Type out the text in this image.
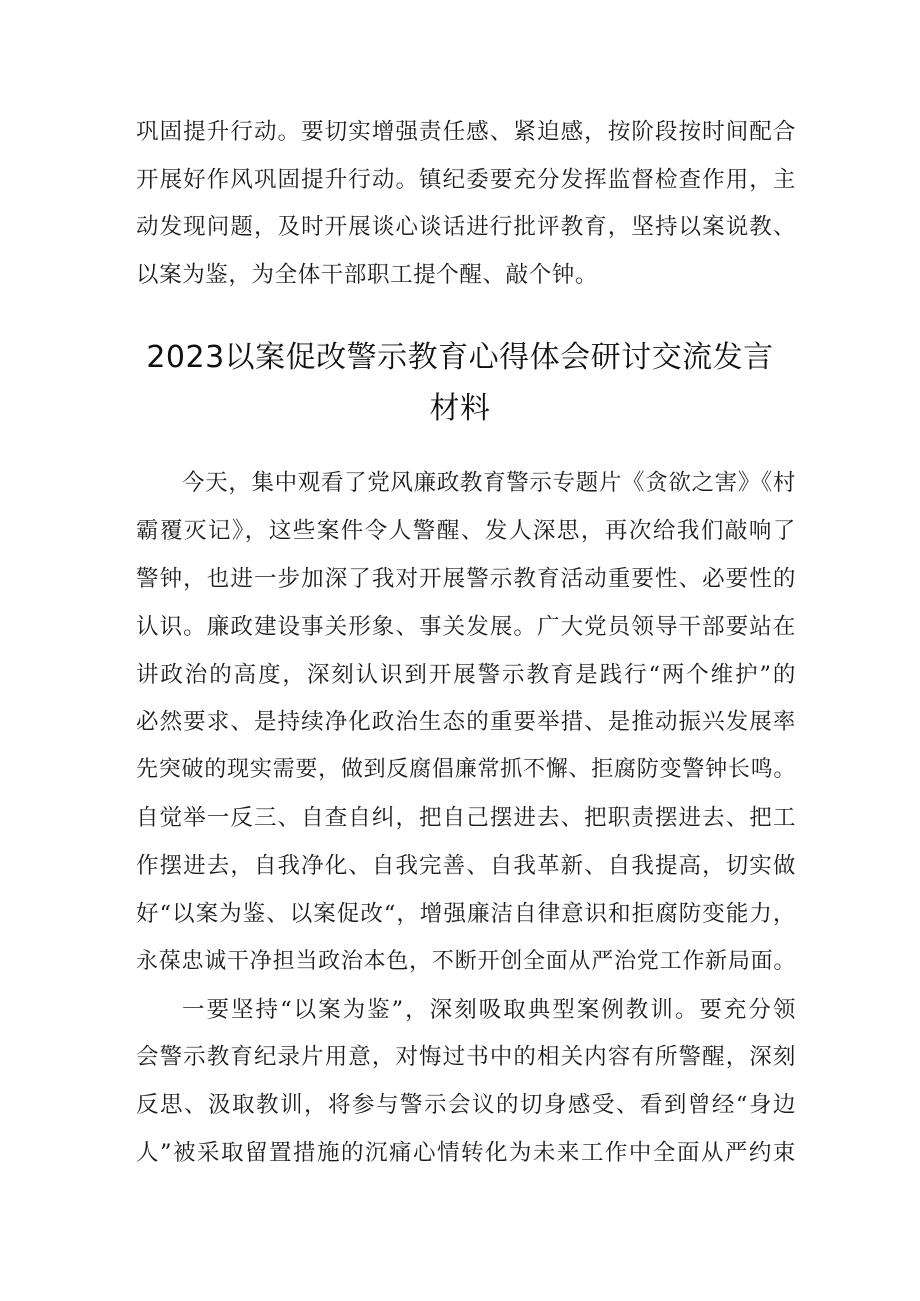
巩固提升行动。要切实增强责任感、紧迫感，按阶段按时间配合
开展好作风巩固提升行动。镇纪委要充分发挥监督检查作用，主
动发现问题，及时开展谈心谈话进行批评教育，坚持以案说教、
以案为鉴，为全体干部职工提个醒、敲个钟。
2023以案促改警示教育心得体会研讨交流发言
材料
今天，集中观看了党风廉政教育警示专题片《贪欲之害》《村
霸覆灭记》，这些案件令人警醒、发人深思，再次给我们敲响了
警钟，也进一步加深了我对开展警示教育活动重要性、必要性的
认识。廉政建设事关形象、事关发展。广大党员领导干部要站在
讲政治的高度，深刻认识到开展警示教育是践行“两个维护”的
必然要求、是持续净化政治生态的重要举措、是推动振兴发展率
先突破的现实需要，做到反腐倡廉常抓不懈、拒腐防变警钟长鸣。
自觉举一反三、自查自纠，把自己摆进去、把职责摆进去、把工
作摆进去，自我净化、自我完善、自我革新、自我提高，切实做
好“以案为鉴、以案促改“，增强廉洁自律意识和拒腐防变能力，
永葆忠诚干净担当政治本色，不断开创全面从严治党工作新局面。
一要坚持“以案为鉴”，深刻吸取典型案例教训。要充分领
会警示教育纪录片用意，对悔过书中的相关内容有所警醒，深刻
反思、汲取教训，将参与警示会议的切身感受、看到曾经“身边
人”被采取留置措施的沉痛心情转化为未来工作中全面从严约束
